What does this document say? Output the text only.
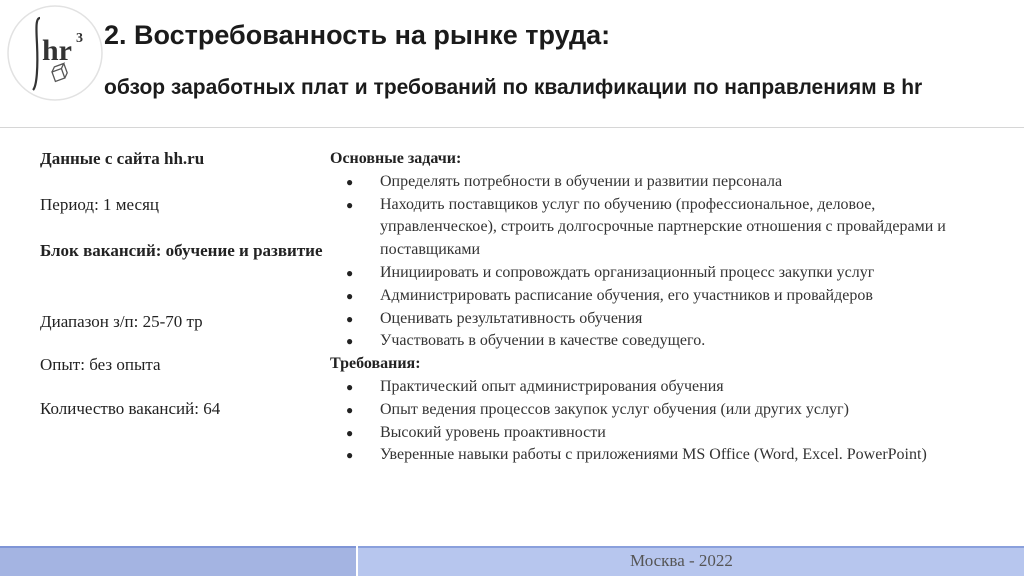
hr 3 2. Востребованность на рынке труда:
обзор заработных плат и требований по квалификации по направлениям в hr

Данные с сайта hh.ru

Период: 1 месяц

Блок вакансий: обучение и развитие

Диапазон з/п: 25-70 тр

Опыт: без опыта

Количество вакансий: 64

Основные задачи:
● Определять потребности в обучении и развитии персонала
● Находить поставщиков услуг по обучению (профессиональное, деловое, управленческое), строить долгосрочные партнерские отношения с провайдерами и поставщиками
● Инициировать и сопровождать организационный процесс закупки услуг
● Администрировать расписание обучения, его участников и провайдеров
● Оценивать результативность обучения
● Участвовать в обучении в качестве соведущего.
Требования:
● Практический опыт администрирования обучения
● Опыт ведения процессов закупок услуг обучения (или других услуг)
● Высокий уровень проактивности
● Уверенные навыки работы с приложениями MS Office (Word, Excel. PowerPoint)
Москва - 2022
